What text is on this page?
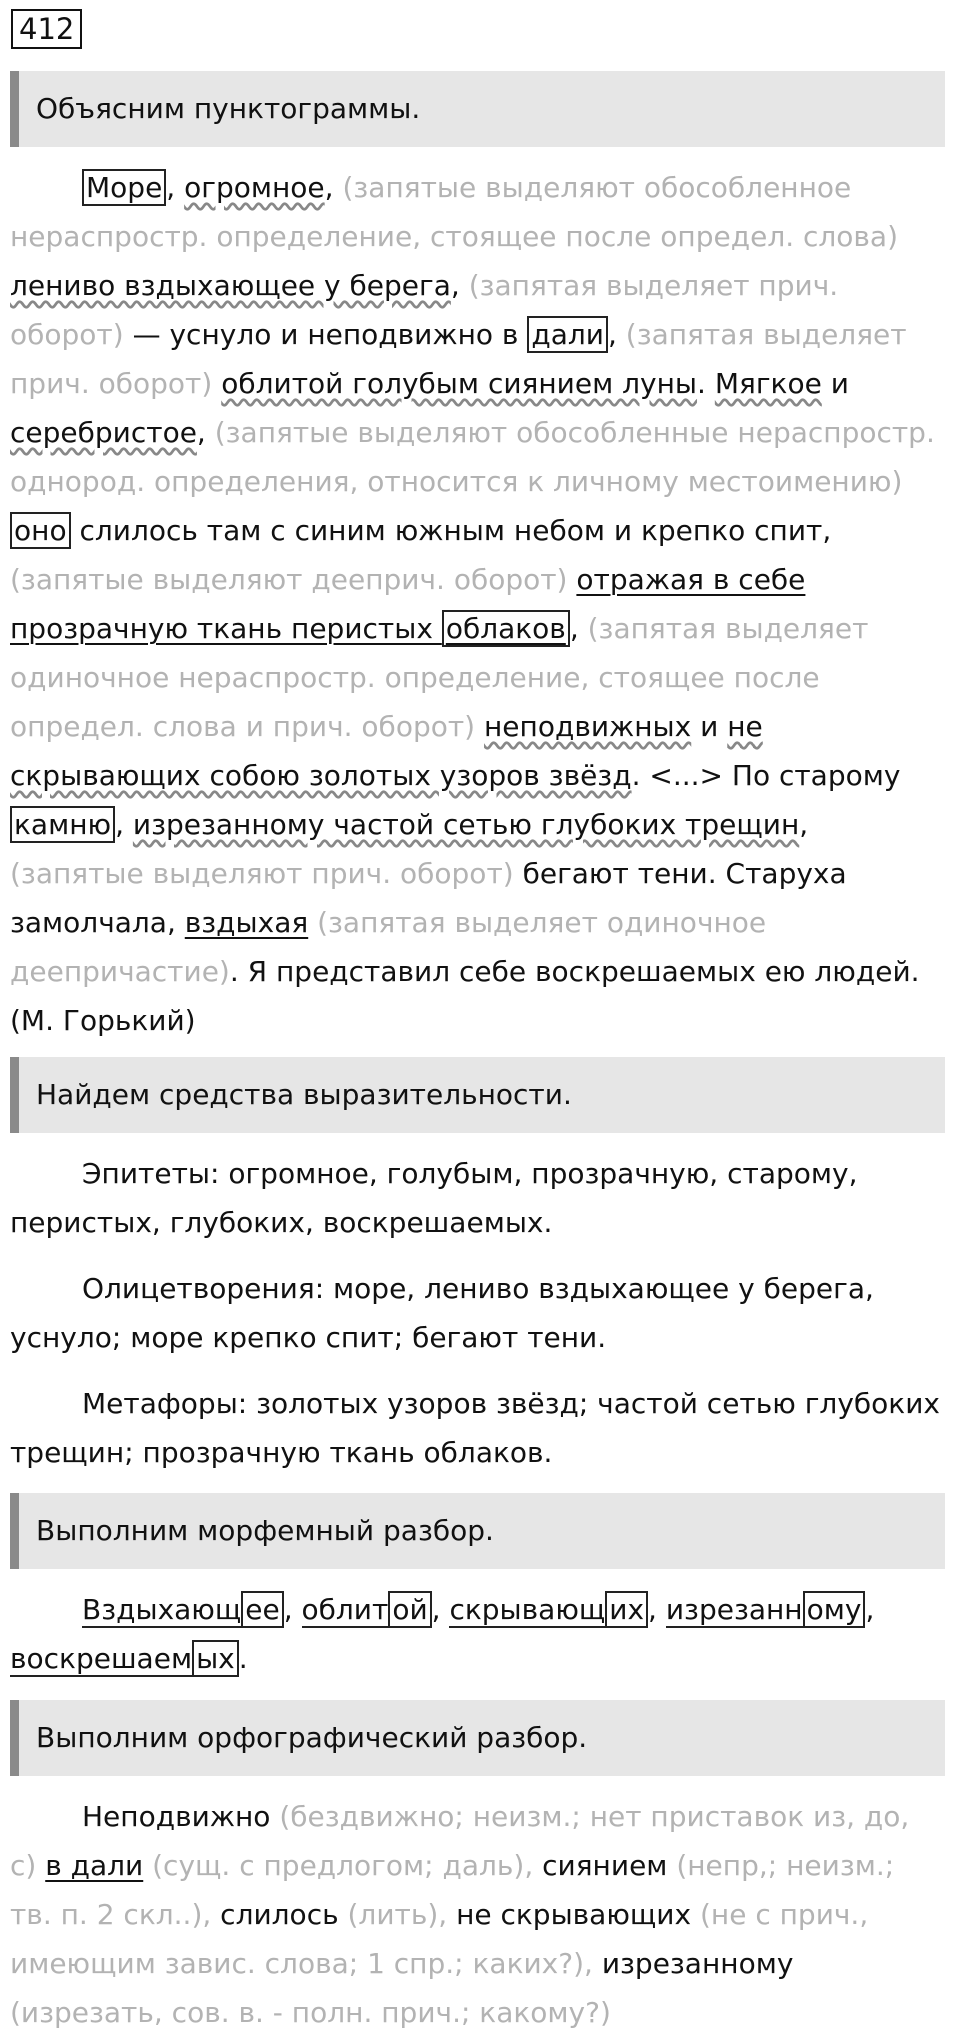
412
Объясним пунктограммы.

Море , огромное, (запятые выделяют обособленное нераспростр. определение, стоящее после определ. слова) лениво вздыхающее у берега, (запятая выделяет прич. оборот) — уснуло и неподвижно в дали , (запятая выделяет прич. оборот) облитой голубым сиянием луны. Мягкое и серебристое, (запятые выделяют обособленные нераспростр. однород. определения, относится к личному местоимению) оно слилось там с синим южным небом и крепко спит, (запятые выделяют дееприч. оборот) отражая в себе прозрачную ткань перистых облаков , (запятая выделяет одиночное нераспростр. определение, стоящее после определ. слова и прич. оборот) неподвижных и не скрывающих собою золотых узоров звёзд. <...> По старому камню , изрезанному частой сетью глубоких трещин, (запятые выделяют прич. оборот) бегают тени. Старуха замолчала, вздыхая (запятая выделяет одиночное деепричастие). Я представил себе воскрешаемых ею людей. (М. Горький)

Найдем средства выразительности.

Эпитеты: огромное, голубым, прозрачную, старому, перистых, глубоких, воскрешаемых.

Олицетворения: море, лениво вздыхающее у берега, уснуло; море крепко спит; бегают тени.

Метафоры: золотых узоров звёзд; частой сетью глубоких трещин; прозрачную ткань облаков.

Выполним морфемный разбор.

Вздыхающ ее , облит ой , скрывающ их , изрезанн ому , воскрешаем ых .

Выполним орфографический разбор.

Неподвижно (бездвижно; неизм.; нет приставок из, до, с) в дали (сущ. с предлогом; даль), сиянием (непр,; неизм.; тв. п. 2 скл..), слилось (лить), не скрывающих (не с прич., имеющим завис. слова; 1 спр.; каких?), изрезанному (изрезать, сов. в. - полн. прич.; какому?)
